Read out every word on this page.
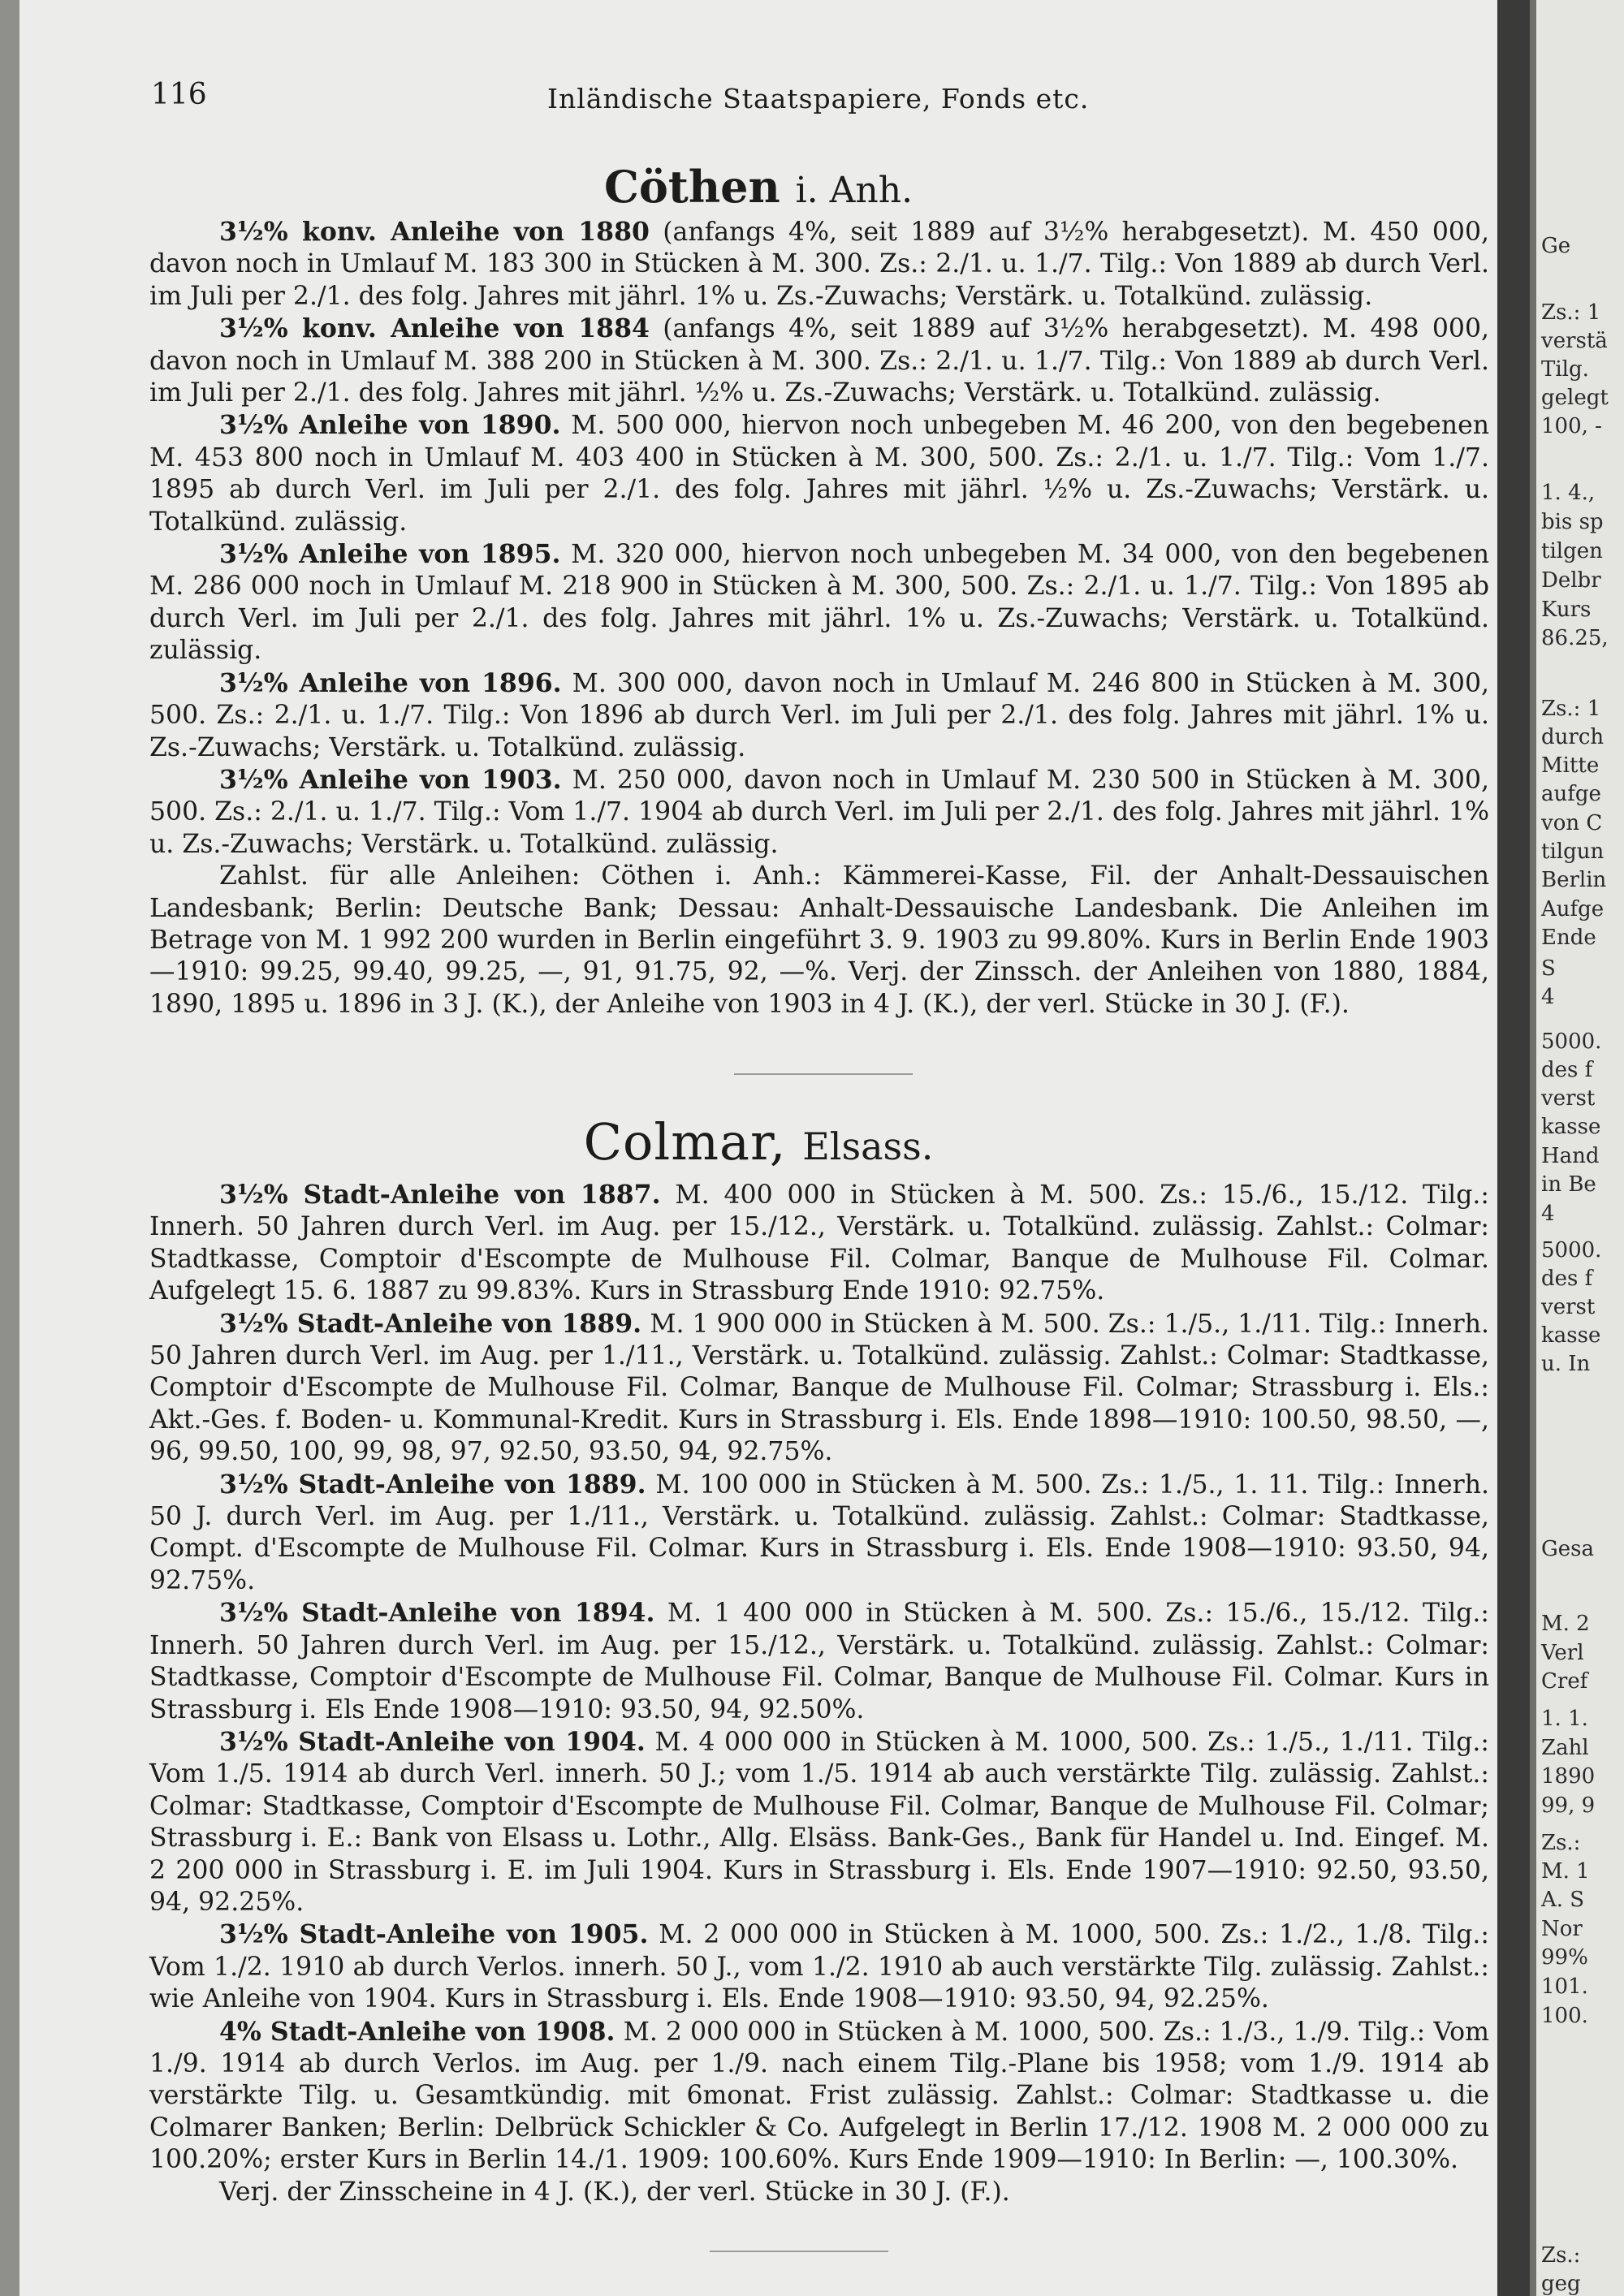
116	Inländische Staatspapiere, Fonds etc.
Cöthen i. Anh.

3½% konv. Anleihe von 1880 (anfangs 4%, seit 1889 auf 3½% herabgesetzt). M. 450 000, davon noch in Umlauf M. 183 300 in Stücken à M. 300. Zs.: 2./1. u. 1./7. Tilg.: Von 1889 ab durch Verl. im Juli per 2./1. des folg. Jahres mit jährl. 1% u. Zs.-Zuwachs; Verstärk. u. Totalkünd. zulässig.

3½% konv. Anleihe von 1884 (anfangs 4%, seit 1889 auf 3½% herabgesetzt). M. 498 000, davon noch in Umlauf M. 388 200 in Stücken à M. 300. Zs.: 2./1. u. 1./7. Tilg.: Von 1889 ab durch Verl. im Juli per 2./1. des folg. Jahres mit jährl. ½% u. Zs.-Zuwachs; Verstärk. u. Totalkünd. zulässig.

3½% Anleihe von 1890. M. 500 000, hiervon noch unbegeben M. 46 200, von den begebenen M. 453 800 noch in Umlauf M. 403 400 in Stücken à M. 300, 500. Zs.: 2./1. u. 1./7. Tilg.: Vom 1./7. 1895 ab durch Verl. im Juli per 2./1. des folg. Jahres mit jährl. ½% u. Zs.-Zuwachs; Verstärk. u. Totalkünd. zulässig.

3½% Anleihe von 1895. M. 320 000, hiervon noch unbegeben M. 34 000, von den begebenen M. 286 000 noch in Umlauf M. 218 900 in Stücken à M. 300, 500. Zs.: 2./1. u. 1./7. Tilg.: Von 1895 ab durch Verl. im Juli per 2./1. des folg. Jahres mit jährl. 1% u. Zs.-Zuwachs; Verstärk. u. Totalkünd. zulässig.

3½% Anleihe von 1896. M. 300 000, davon noch in Umlauf M. 246 800 in Stücken à M. 300, 500. Zs.: 2./1. u. 1./7. Tilg.: Von 1896 ab durch Verl. im Juli per 2./1. des folg. Jahres mit jährl. 1% u. Zs.-Zuwachs; Verstärk. u. Totalkünd. zulässig.

3½% Anleihe von 1903. M. 250 000, davon noch in Umlauf M. 230 500 in Stücken à M. 300, 500. Zs.: 2./1. u. 1./7. Tilg.: Vom 1./7. 1904 ab durch Verl. im Juli per 2./1. des folg. Jahres mit jährl. 1% u. Zs.-Zuwachs; Verstärk. u. Totalkünd. zulässig.

Zahlst. für alle Anleihen: Cöthen i. Anh.: Kämmerei-Kasse, Fil. der Anhalt-Dessauischen Landesbank; Berlin: Deutsche Bank; Dessau: Anhalt-Dessauische Landesbank. Die Anleihen im Betrage von M. 1 992 200 wurden in Berlin eingeführt 3. 9. 1903 zu 99.80%. Kurs in Berlin Ende 1903—1910: 99.25, 99.40, 99.25, —, 91, 91.75, 92, —%. Verj. der Zinssch. der Anleihen von 1880, 1884, 1890, 1895 u. 1896 in 3 J. (K.), der Anleihe von 1903 in 4 J. (K.), der verl. Stücke in 30 J. (F.).

Colmar, Elsass.

3½% Stadt-Anleihe von 1887. M. 400 000 in Stücken à M. 500. Zs.: 15./6., 15./12. Tilg.: Innerh. 50 Jahren durch Verl. im Aug. per 15./12., Verstärk. u. Totalkünd. zulässig. Zahlst.: Colmar: Stadtkasse, Comptoir d'Escompte de Mulhouse Fil. Colmar, Banque de Mulhouse Fil. Colmar. Aufgelegt 15. 6. 1887 zu 99.83%. Kurs in Strassburg Ende 1910: 92.75%.

3½% Stadt-Anleihe von 1889. M. 1 900 000 in Stücken à M. 500. Zs.: 1./5., 1./11. Tilg.: Innerh. 50 Jahren durch Verl. im Aug. per 1./11., Verstärk. u. Totalkünd. zulässig. Zahlst.: Colmar: Stadtkasse, Comptoir d'Escompte de Mulhouse Fil. Colmar, Banque de Mulhouse Fil. Colmar; Strassburg i. Els.: Akt.-Ges. f. Boden- u. Kommunal-Kredit. Kurs in Strassburg i. Els. Ende 1898—1910: 100.50, 98.50, —, 96, 99.50, 100, 99, 98, 97, 92.50, 93.50, 94, 92.75%.

3½% Stadt-Anleihe von 1889. M. 100 000 in Stücken à M. 500. Zs.: 1./5., 1. 11. Tilg.: Innerh. 50 J. durch Verl. im Aug. per 1./11., Verstärk. u. Totalkünd. zulässig. Zahlst.: Colmar: Stadtkasse, Compt. d'Escompte de Mulhouse Fil. Colmar. Kurs in Strassburg i. Els. Ende 1908—1910: 93.50, 94, 92.75%.

3½% Stadt-Anleihe von 1894. M. 1 400 000 in Stücken à M. 500. Zs.: 15./6., 15./12. Tilg.: Innerh. 50 Jahren durch Verl. im Aug. per 15./12., Verstärk. u. Totalkünd. zulässig. Zahlst.: Colmar: Stadtkasse, Comptoir d'Escompte de Mulhouse Fil. Colmar, Banque de Mulhouse Fil. Colmar. Kurs in Strassburg i. Els Ende 1908—1910: 93.50, 94, 92.50%.

3½% Stadt-Anleihe von 1904. M. 4 000 000 in Stücken à M. 1000, 500. Zs.: 1./5., 1./11. Tilg.: Vom 1./5. 1914 ab durch Verl. innerh. 50 J.; vom 1./5. 1914 ab auch verstärkte Tilg. zulässig. Zahlst.: Colmar: Stadtkasse, Comptoir d'Escompte de Mulhouse Fil. Colmar, Banque de Mulhouse Fil. Colmar; Strassburg i. E.: Bank von Elsass u. Lothr., Allg. Elsäss. Bank-Ges., Bank für Handel u. Ind. Eingef. M. 2 200 000 in Strassburg i. E. im Juli 1904. Kurs in Strassburg i. Els. Ende 1907—1910: 92.50, 93.50, 94, 92.25%.

3½% Stadt-Anleihe von 1905. M. 2 000 000 in Stücken à M. 1000, 500. Zs.: 1./2., 1./8. Tilg.: Vom 1./2. 1910 ab durch Verlos. innerh. 50 J., vom 1./2. 1910 ab auch verstärkte Tilg. zulässig. Zahlst.: wie Anleihe von 1904. Kurs in Strassburg i. Els. Ende 1908—1910: 93.50, 94, 92.25%.

4% Stadt-Anleihe von 1908. M. 2 000 000 in Stücken à M. 1000, 500. Zs.: 1./3., 1./9. Tilg.: Vom 1./9. 1914 ab durch Verlos. im Aug. per 1./9. nach einem Tilg.-Plane bis 1958; vom 1./9. 1914 ab verstärkte Tilg. u. Gesamtkündig. mit 6monat. Frist zulässig. Zahlst.: Colmar: Stadtkasse u. die Colmarer Banken; Berlin: Delbrück Schickler & Co. Aufgelegt in Berlin 17./12. 1908 M. 2 000 000 zu 100.20%; erster Kurs in Berlin 14./1. 1909: 100.60%. Kurs Ende 1909—1910: In Berlin: —, 100.30%.

Verj. der Zinsscheine in 4 J. (K.), der verl. Stücke in 30 J. (F.).

Ge
Zs.: 1
verstä
Tilg.
gelegt
100, -
1. 4.,
bis sp
tilgen
Delbr
Kurs
86.25,
Zs.: 1
durch
Mitte
aufge
von C
tilgun
Berlin
Aufge
Ende
S
4
5000.
des f
verst
kasse
Hand
in Be
4
5000.
des f
verst
kasse
u. In
Gesa
M. 2
Verl
Cref
1. 1.
Zahl
1890
99, 9
Zs.:
M. 1
A. S
Nor
99%
101.
100.
Zs.:
geg
